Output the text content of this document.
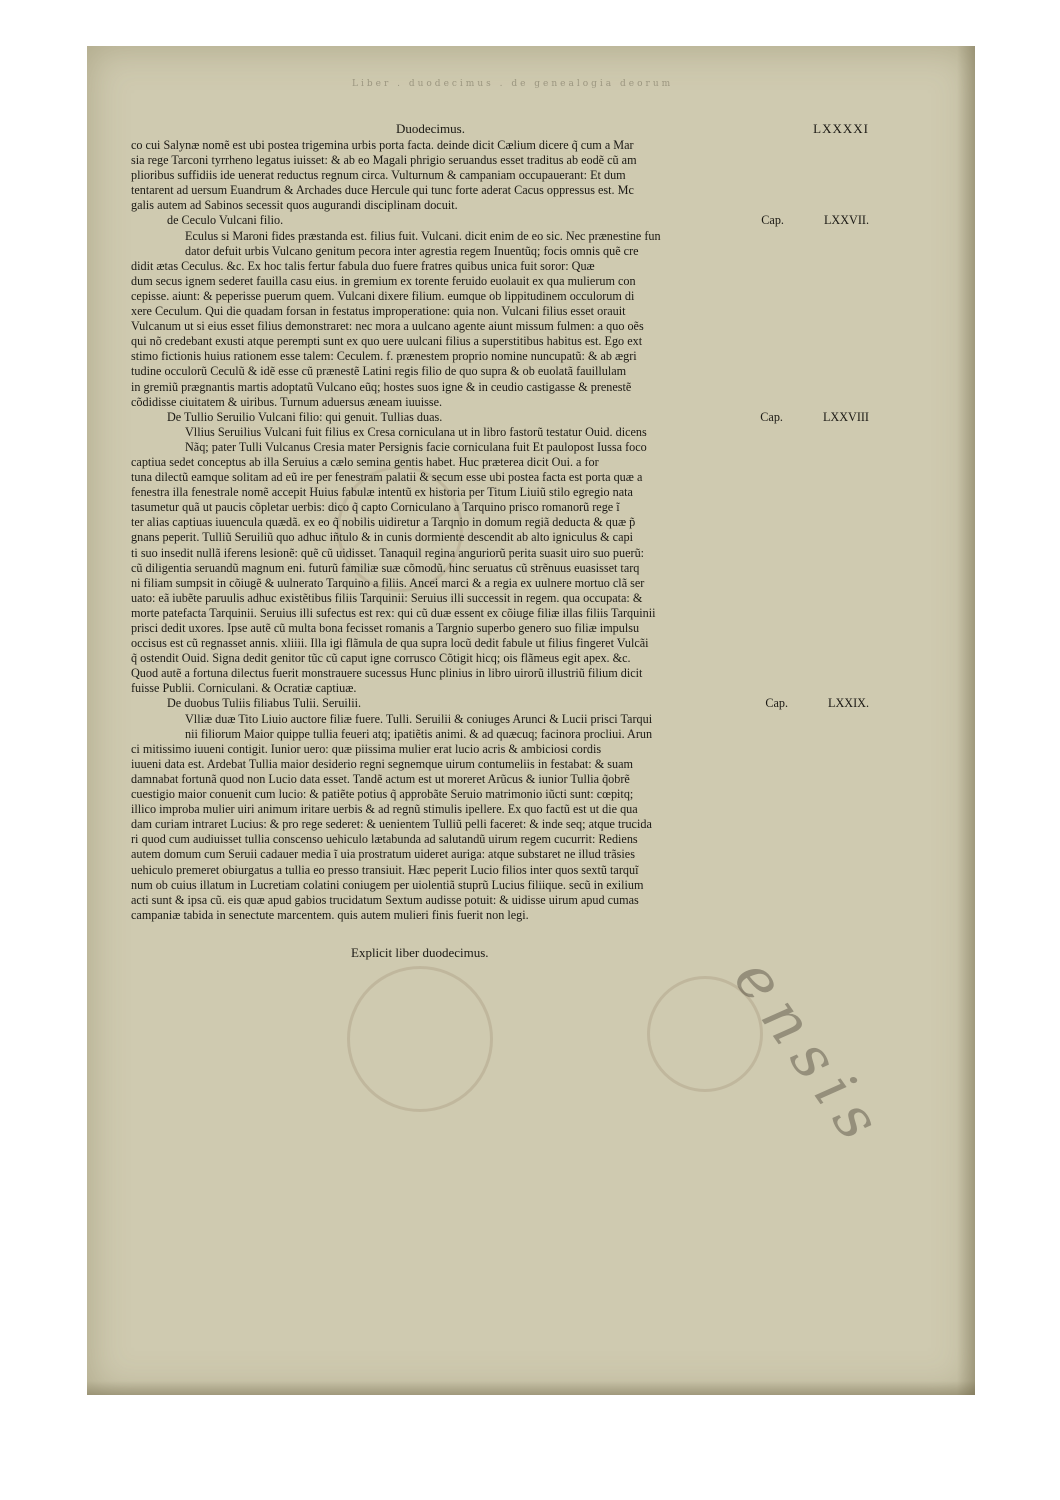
Liber . duodecimus . de genealogia deorum
ensis
Duodecimus.	LXXXXI
co cui Salynæ nomẽ est ubi postea trigemina urbis porta facta. deinde dicit Cælium dicere q̃ cum a Mar
sia rege Tarconi tyrrheno legatus iuisset: & ab eo Magali phrigio seruandus esset traditus ab eodẽ cũ am
plioribus suffidiis ide uenerat reductus regnum circa. Vulturnum & campaniam occupauerant: Et dum
tentarent ad uersum Euandrum & Archades duce Hercule qui tunc forte aderat Cacus oppressus est. Mc
galis autem ad Sabinos secessit quos augurandi disciplinam docuit.
de Ceculo Vulcani filio.	Cap.	LXXVII.
Eculus si Maroni fides præstanda est. filius fuit. Vulcani. dicit enim de eo sic. Nec prænestine fun
dator defuit urbis Vulcano genitum pecora inter agrestia regem Inuentũq; focis omnis quẽ cre
didit ætas Ceculus. &c. Ex hoc talis fertur fabula duo fuere fratres quibus unica fuit soror: Quæ
dum secus ignem sederet fauilla casu eius. in gremium ex torente feruido euolauit ex qua mulierum con
cepisse. aiunt: & peperisse puerum quem. Vulcani dixere filium. eumque ob lippitudinem occulorum di
xere Ceculum. Qui die quadam forsan in festatus improperatione: quia non. Vulcani filius esset orauit
Vulcanum ut si eius esset filius demonstraret: nec mora a uulcano agente aiunt missum fulmen: a quo oẽs
qui nõ credebant exusti atque perempti sunt ex quo uere uulcani filius a superstitibus habitus est. Ego ext
stimo fictionis huius rationem esse talem: Ceculem. f. prænestem proprio nomine nuncupatũ: & ab ægri
tudine occulorũ Ceculũ & idẽ esse cũ prænestẽ Latini regis filio de quo supra & ob euolatã fauillulam
in gremiũ prægnantis martis adoptatũ Vulcano eũq; hostes suos igne & in ceudio castigasse & prenestẽ
cõdidisse ciuitatem & uiribus. Turnum aduersus æneam iuuisse.
De Tullio Seruilio Vulcani filio: qui genuit. Tullias duas.	Cap.	LXXVIII
Vllius Seruilius Vulcani fuit filius ex Cresa corniculana ut in libro fastorũ testatur Ouid. dicens
Nãq; pater Tulli Vulcanus Cresia mater Persignis facie corniculana fuit Et paulopost Iussa foco
captiua sedet conceptus ab illa Seruius a cælo semina gentis habet. Huc præterea dicit Oui. a for
tuna dilectũ eamque solitam ad eũ ire per fenestram palatii & secum esse ubi postea facta est porta quæ a
fenestra illa fenestrale nomẽ accepit Huius fabulæ intentũ ex historia per Titum Liuiũ stilo egregio nata
tasumetur quã ut paucis cõpletar uerbis: dico q̃ capto Corniculano a Tarquino prisco romanorũ rege ĩ
ter alias captiuas iuuencula quædã. ex eo q̃ nobilis uidiretur a Tarqnio in domum regiã deducta & quæ p̃
gnans peperit. Tulliũ Seruiliũ quo adhuc iñtulo & in cunis dormiente descendit ab alto igniculus & capi
ti suo insedit nullã iferens lesionẽ: quẽ cũ uidisset. Tanaquil regina anguriorũ perita suasit uiro suo puerũ:
cũ diligentia seruandũ magnum eni. futurũ familiæ suæ cõmodũ. hinc seruatus cũ strẽnuus euasisset tarq
ni filiam sumpsit in cõiugẽ & uulnerato Tarquino a filiis. Ancei marci & a regia ex uulnere mortuo clã ser
uato: eã iubẽte paruulis adhuc existẽtibus filiis Tarquinii: Seruius illi successit in regem. qua occupata: &
morte patefacta Tarquinii. Seruius illi sufectus est rex: qui cũ duæ essent ex cõiuge filiæ illas filiis Tarquinii
prisci dedit uxores. Ipse autẽ cũ multa bona fecisset romanis a Targnio superbo genero suo filiæ impulsu
occisus est cũ regnasset annis. xliiii. Illa igi flãmula de qua supra locũ dedit fabule ut filius fingeret Vulcãi
q̃ ostendit Ouid. Signa dedit genitor tũc cũ caput igne corrusco Cõtigit hicq; ois flãmeus egit apex. &c.
Quod autẽ a fortuna dilectus fuerit monstrauere sucessus Hunc plinius in libro uirorũ illustriũ filium dicit
fuisse Publii. Corniculani. & Ocratiæ captiuæ.
De duobus Tuliis filiabus Tulii. Seruilii.	Cap.	LXXIX.
Vlliæ duæ Tito Liuio auctore filiæ fuere. Tulli. Seruilii & coniuges Arunci & Lucii prisci Tarqui
nii filiorum Maior quippe tullia feueri atq; ipatiẽtis animi. & ad quæcuq; facinora procliui. Arun
ci mitissimo iuueni contigit. Iunior uero: quæ piissima mulier erat lucio acris & ambiciosi cordis
iuueni data est. Ardebat Tullia maior desiderio regni segnemque uirum contumeliis in festabat: & suam
damnabat fortunã quod non Lucio data esset. Tandẽ actum est ut moreret Arũcus & iunior Tullia q̃obrẽ
cuestigio maior conuenit cum lucio: & patiẽte potius q̃ approbãte Seruio matrimonio iũcti sunt: cœpitq;
illico improba mulier uiri animum iritare uerbis & ad regnũ stimulis ipellere. Ex quo factũ est ut die qua
dam curiam intraret Lucius: & pro rege sederet: & uenientem Tulliũ pelli faceret: & inde seq; atque trucida
ri quod cum audiuisset tullia conscenso uehiculo lætabunda ad salutandũ uirum regem cucurrit: Rediens
autem domum cum Seruii cadauer media ĩ uia prostratum uideret auriga: atque substaret ne illud trãsies
uehiculo premeret obiurgatus a tullia eo presso transiuit. Hæc peperit Lucio filios inter quos sextũ tarquĩ
num ob cuius illatum in Lucretiam colatini coniugem per uiolentiã stuprũ Lucius filiique. secũ in exilium
acti sunt & ipsa cũ. eis quæ apud gabios trucidatum Sextum audisse potuit: & uidisse uirum apud cumas
campaniæ tabida in senectute marcentem. quis autem mulieri finis fuerit non legi.
Explicit liber duodecimus.
